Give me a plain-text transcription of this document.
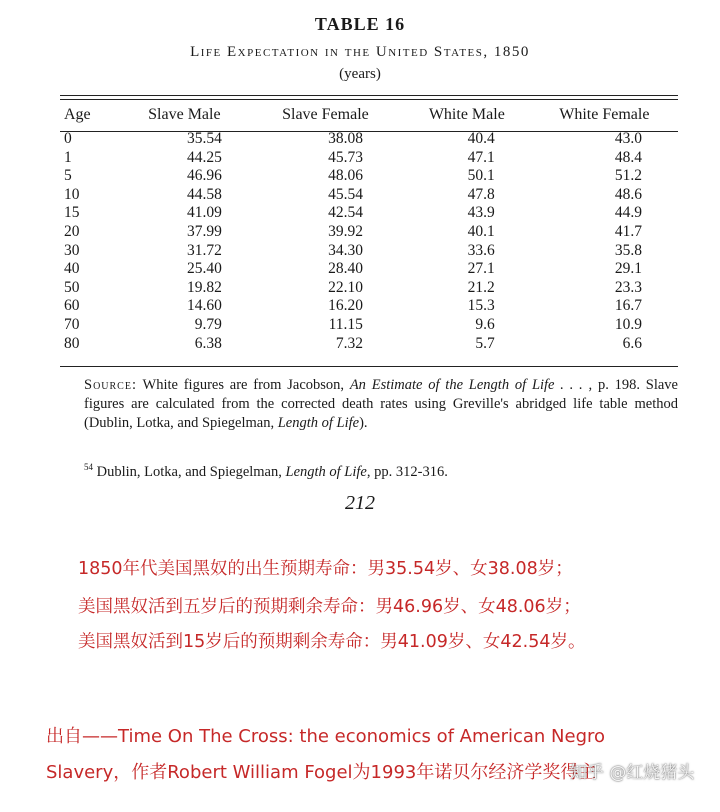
TABLE 16
Life Expectation in the United States, 1850
(years)
Age	Slave Male	Slave Female	White Male	White Female
0	35.54	38.08	40.4	43.0
1	44.25	45.73	47.1	48.4
5	46.96	48.06	50.1	51.2
10	44.58	45.54	47.8	48.6
15	41.09	42.54	43.9	44.9
20	37.99	39.92	40.1	41.7
30	31.72	34.30	33.6	35.8
40	25.40	28.40	27.1	29.1
50	19.82	22.10	21.2	23.3
60	14.60	16.20	15.3	16.7
70	9.79	11.15	9.6	10.9
80	6.38	7.32	5.7	6.6
Source: White figures are from Jacobson, An Estimate of the Length of Life . . . , p. 198. Slave figures are calculated from the corrected death rates using Greville's abridged life table method (Dublin, Lotka, and Spiegelman, Length of Life).
$^{54}$ Dublin, Lotka, and Spiegelman, Length of Life, pp. 312-316.
212
1850年代美国黑奴的出生预期寿命：男35.54岁、女38.08岁；
美国黑奴活到五岁后的预期剩余寿命：男46.96岁、女48.06岁；
美国黑奴活到15岁后的预期剩余寿命：男41.09岁、女42.54岁。
出自——Time On The Cross: the economics of American Negro
Slavery，作者Robert William Fogel为1993年诺贝尔经济学奖得主
知乎 @红烧猪头
